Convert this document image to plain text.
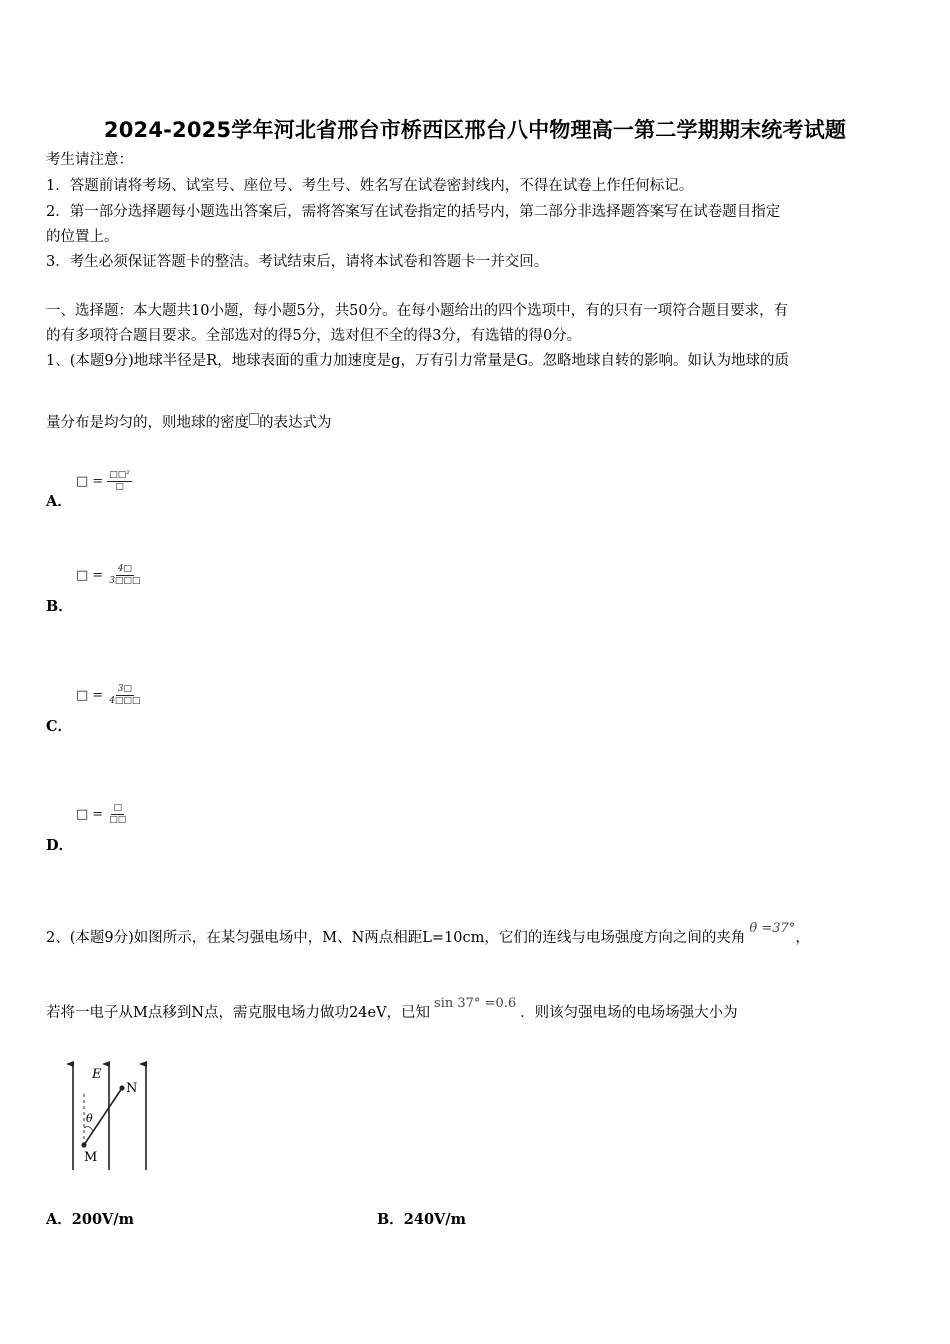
2024-2025学年河北省邢台市桥西区邢台八中物理高一第二学期期末统考试题
考生请注意：
1．答题前请将考场、试室号、座位号、考生号、姓名写在试卷密封线内，不得在试卷上作任何标记。
2．第一部分选择题每小题选出答案后，需将答案写在试卷指定的括号内，第二部分非选择题答案写在试卷题目指定
的位置上。
3．考生必须保证答题卡的整洁。考试结束后，请将本试卷和答题卡一并交回。
一、选择题：本大题共10小题，每小题5分，共50分。在每小题给出的四个选项中，有的只有一项符合题目要求，有
的有多项符合题目要求。全部选对的得5分，选对但不全的得3分，有选错的得0分。
1、(本题9分)地球半径是R，地球表面的重力加速度是g，万有引力常量是G。忽略地球自转的影响。如认为地球的质
量分布是均匀的，则地球的密度 的表达式为
□ = $\frac{\text{□□²}}{□}$
A．
□ = $\frac{4□}{3□□□}$
B．
□ = $\frac{3□}{4□□□}$
C．
□ = $\frac{□}{□□}$
D．
2、(本题9分)如图所示，在某匀强电场中，M、N两点相距L=10cm，它们的连线与电场强度方向之间的夹角θ =37°，
若将一电子从M点移到N点，需克服电场力做功24eV，已知sin 37° =0.6．则该匀强电场的电场场强大小为
E
N
M
θ
A．200V/m	B．240V/m
